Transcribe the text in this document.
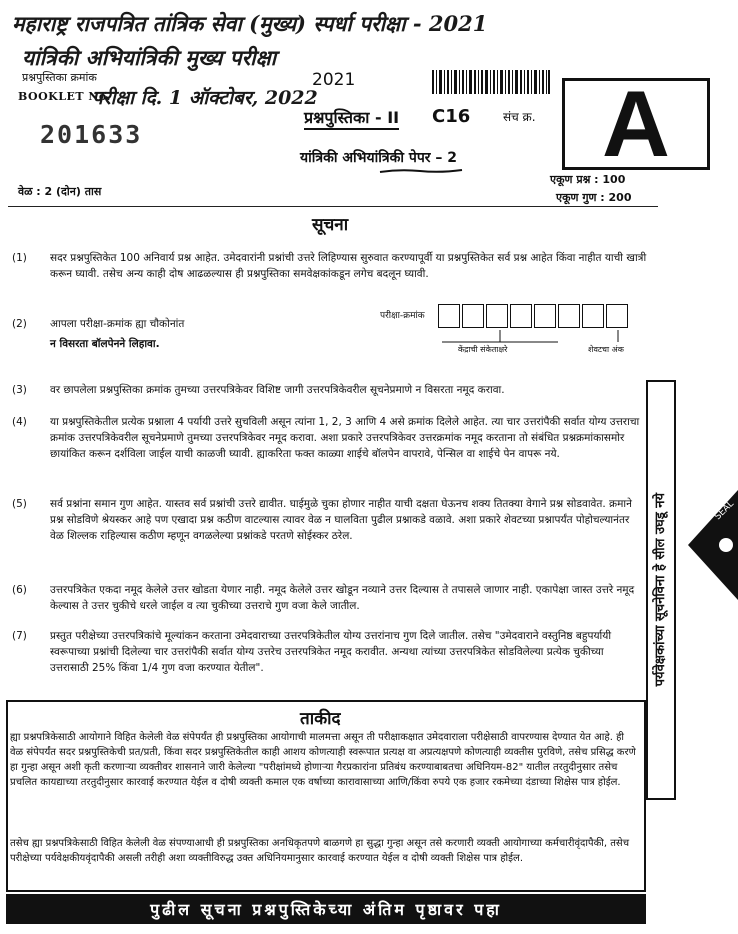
महाराष्ट्र राजपत्रित तांत्रिक सेवा (मुख्य) स्पर्धा परीक्षा - 2021
यांत्रिकी अभियांत्रिकी मुख्य परीक्षा
प्रश्नपुस्तिका क्रमांक
BOOKLET No.
परीक्षा दि. 1 ऑक्टोबर, 2022
2021
201633
प्रश्नपुस्तिका - II C16	संच क्र. A
यांत्रिकी अभियांत्रिकी पेपर – 2
एकूण प्रश्न : 100
एकूण गुण : 200
वेळ : 2 (दोन) तास
सूचना
(1)	सदर प्रश्नपुस्तिकेत 100 अनिवार्य प्रश्न आहेत. उमेदवारांनी प्रश्नांची उत्तरे लिहिण्यास सुरुवात करण्यापूर्वी या प्रश्नपुस्तिकेत सर्व प्रश्न आहेत किंवा नाहीत याची खात्री करून घ्यावी. तसेच अन्य काही दोष आढळल्यास ही प्रश्नपुस्तिका समवेक्षकांकडून लगेच बदलून घ्यावी.
(2)	आपला परीक्षा-क्रमांक ह्या चौकोनांत
न विसरता बॉलपेनने लिहावा.
परीक्षा-क्रमांक
केंद्राची संकेताक्षरे	शेवटचा अंक
(3)	वर छापलेला प्रश्नपुस्तिका क्रमांक तुमच्या उत्तरपत्रिकेवर विशिष्ट जागी उत्तरपत्रिकेवरील सूचनेप्रमाणे न विसरता नमूद करावा.
(4)	या प्रश्नपुस्तिकेतील प्रत्येक प्रश्नाला 4 पर्यायी उत्तरे सुचविली असून त्यांना 1, 2, 3 आणि 4 असे क्रमांक दिलेले आहेत. त्या चार उत्तरांपैकी सर्वात योग्य उत्तराचा क्रमांक उत्तरपत्रिकेवरील सूचनेप्रमाणे तुमच्या उत्तरपत्रिकेवर नमूद करावा. अशा प्रकारे उत्तरपत्रिकेवर उत्तरक्रमांक नमूद करताना तो संबंधित प्रश्नक्रमांकासमोर छायांकित करून दर्शविला जाईल याची काळजी घ्यावी. ह्याकरिता फक्त काळ्या शाईचे बॉलपेन वापरावे, पेन्सिल वा शाईचे पेन वापरू नये.
(5)	सर्व प्रश्नांना समान गुण आहेत. यास्तव सर्व प्रश्नांची उत्तरे द्यावीत. घाईमुळे चुका होणार नाहीत याची दक्षता घेऊनच शक्य तितक्या वेगाने प्रश्न सोडवावेत. क्रमाने प्रश्न सोडविणे श्रेयस्कर आहे पण एखादा प्रश्न कठीण वाटल्यास त्यावर वेळ न घालविता पुढील प्रश्नाकडे वळावे. अशा प्रकारे शेवटच्या प्रश्नापर्यंत पोहोचल्यानंतर वेळ शिल्लक राहिल्यास कठीण म्हणून वगळलेल्या प्रश्नांकडे परतणे सोईस्कर ठरेल.
(6)	उत्तरपत्रिकेत एकदा नमूद केलेले उत्तर खोडता येणार नाही. नमूद केलेले उत्तर खोडून नव्याने उत्तर दिल्यास ते तपासले जाणार नाही. एकापेक्षा जास्त उत्तरे नमूद केल्यास ते उत्तर चुकीचे धरले जाईल व त्या चुकीच्या उत्तराचे गुण वजा केले जातील.
(7)	प्रस्तुत परीक्षेच्या उत्तरपत्रिकांचे मूल्यांकन करताना उमेदवाराच्या उत्तरपत्रिकेतील योग्य उत्तरांनाच गुण दिले जातील. तसेच "उमेदवाराने वस्तुनिष्ठ बहुपर्यायी स्वरूपाच्या प्रश्नांची दिलेल्या चार उत्तरांपैकी सर्वात योग्य उत्तरेच उत्तरपत्रिकेत नमूद करावीत. अन्यथा त्यांच्या उत्तरपत्रिकेत सोडविलेल्या प्रत्येक चुकीच्या उत्तरासाठी 25% किंवा 1/4 गुण वजा करण्यात येतील".	पर्यवेक्षकांच्या सूचनेविना हे सील उघडू नये	SEAL
ताकीद
ह्या प्रश्नपत्रिकेसाठी आयोगाने विहित केलेली वेळ संपेपर्यंत ही प्रश्नपुस्तिका आयोगाची मालमत्ता असून ती परीक्षाकक्षात उमेदवाराला परीक्षेसाठी वापरण्यास देण्यात येत आहे. ही वेळ संपेपर्यंत सदर प्रश्नपुस्तिकेची प्रत/प्रती, किंवा सदर प्रश्नपुस्तिकेतील काही आशय कोणत्याही स्वरूपात प्रत्यक्ष वा अप्रत्यक्षपणे कोणत्याही व्यक्तीस पुरविणे, तसेच प्रसिद्ध करणे हा गुन्हा असून अशी कृती करणाऱ्या व्यक्तीवर शासनाने जारी केलेल्या "परीक्षांमध्ये होणाऱ्या गैरप्रकारांना प्रतिबंध करण्याबाबतचा अधिनियम-82" यातील तरतुदीनुसार तसेच प्रचलित कायद्याच्या तरतुदीनुसार कारवाई करण्यात येईल व दोषी व्यक्ती कमाल एक वर्षाच्या कारावासाच्या आणि/किंवा रुपये एक हजार रकमेच्या दंडाच्या शिक्षेस पात्र होईल.
तसेच ह्या प्रश्नपत्रिकेसाठी विहित केलेली वेळ संपण्याआधी ही प्रश्नपुस्तिका अनधिकृतपणे बाळगणे हा सुद्धा गुन्हा असून तसे करणारी व्यक्ती आयोगाच्या कर्मचारीवृंदापैकी, तसेच परीक्षेच्या पर्यवेक्षकीयवृंदापैकी असली तरीही अशा व्यक्तीविरुद्ध उक्त अधिनियमानुसार कारवाई करण्यात येईल व दोषी व्यक्ती शिक्षेस पात्र होईल.
पुढील सूचना प्रश्नपुस्तिकेच्या अंतिम पृष्ठावर पहा
